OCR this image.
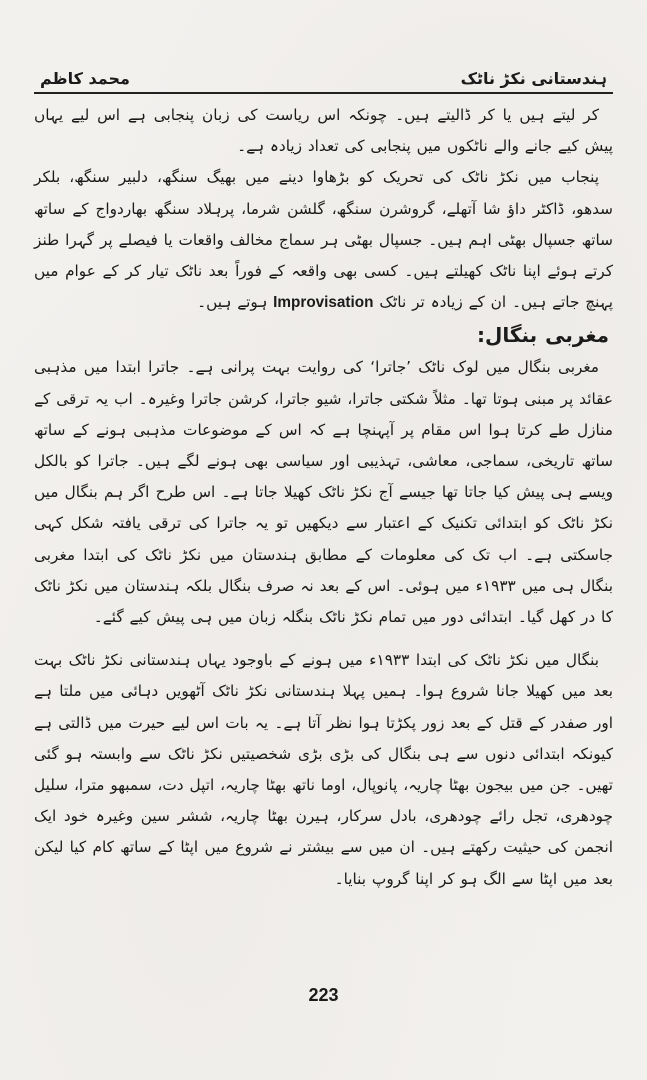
ہندستانی نکڑ ناٹک
محمد کاظم

کر لیتے ہیں یا کر ڈالیتے ہیں۔ چونکہ اس ریاست کی زبان پنجابی ہے اس لیے یہاں پیش کیے جانے والے ناٹکوں میں پنجابی کی تعداد زیادہ ہے۔

پنجاب میں نکڑ ناٹک کی تحریک کو بڑھاوا دینے میں بھیگ سنگھ، دلبیر سنگھ، بلکر سدھو، ڈاکٹر داؤ شا آتھلے، گروشرن سنگھ، گلشن شرما، پرہلاد سنگھ بھاردواج کے ساتھ ساتھ جسپال بھٹی اہم ہیں۔ جسپال بھٹی ہر سماج مخالف واقعات یا فیصلے پر گہرا طنز کرتے ہوئے اپنا ناٹک کھیلتے ہیں۔ کسی بھی واقعہ کے فوراً بعد ناٹک تیار کر کے عوام میں پہنچ جاتے ہیں۔ ان کے زیادہ تر ناٹک Improvisation ہوتے ہیں۔

مغربی بنگال:

مغربی بنگال میں لوک ناٹک ’جاترا‘ کی روایت بہت پرانی ہے۔ جاترا ابتدا میں مذہبی عقائد پر مبنی ہوتا تھا۔ مثلاً شکتی جاترا، شیو جاترا، کرشن جاترا وغیرہ۔ اب یہ ترقی کے منازل طے کرتا ہوا اس مقام پر آپہنچا ہے کہ اس کے موضوعات مذہبی ہونے کے ساتھ ساتھ تاریخی، سماجی، معاشی، تہذیبی اور سیاسی بھی ہونے لگے ہیں۔ جاترا کو بالکل ویسے ہی پیش کیا جاتا تھا جیسے آج نکڑ ناٹک کھیلا جاتا ہے۔ اس طرح اگر ہم بنگال میں نکڑ ناٹک کو ابتدائی تکنیک کے اعتبار سے دیکھیں تو یہ جاترا کی ترقی یافتہ شکل کہی جاسکتی ہے۔ اب تک کی معلومات کے مطابق ہندستان میں نکڑ ناٹک کی ابتدا مغربی بنگال ہی میں ۱۹۳۳ء میں ہوئی۔ اس کے بعد نہ صرف بنگال بلکہ ہندستان میں نکڑ ناٹک کا در کھل گیا۔ ابتدائی دور میں تمام نکڑ ناٹک بنگلہ زبان میں ہی پیش کیے گئے۔

بنگال میں نکڑ ناٹک کی ابتدا ۱۹۳۳ء میں ہونے کے باوجود یہاں ہندستانی نکڑ ناٹک بہت بعد میں کھیلا جانا شروع ہوا۔ ہمیں پہلا ہندستانی نکڑ ناٹک آٹھویں دہائی میں ملتا ہے اور صفدر کے قتل کے بعد زور پکڑتا ہوا نظر آتا ہے۔ یہ بات اس لیے حیرت میں ڈالتی ہے کیونکہ ابتدائی دنوں سے ہی بنگال کی بڑی بڑی شخصیتیں نکڑ ناٹک سے وابستہ ہو گئی تھیں۔ جن میں بیجون بھٹا چاریہ، پانوپال، اوما ناتھ بھٹا چاریہ، اتپل دت، سمبھو مترا، سلیل چودھری، تجل رائے چودھری، بادل سرکار، ہیرن بھٹا چاریہ، ششر سین وغیرہ خود ایک انجمن کی حیثیت رکھتے ہیں۔ ان میں سے بیشتر نے شروع میں اپٹا کے ساتھ کام کیا لیکن بعد میں اپٹا سے الگ ہو کر اپنا گروپ بنایا۔

223
